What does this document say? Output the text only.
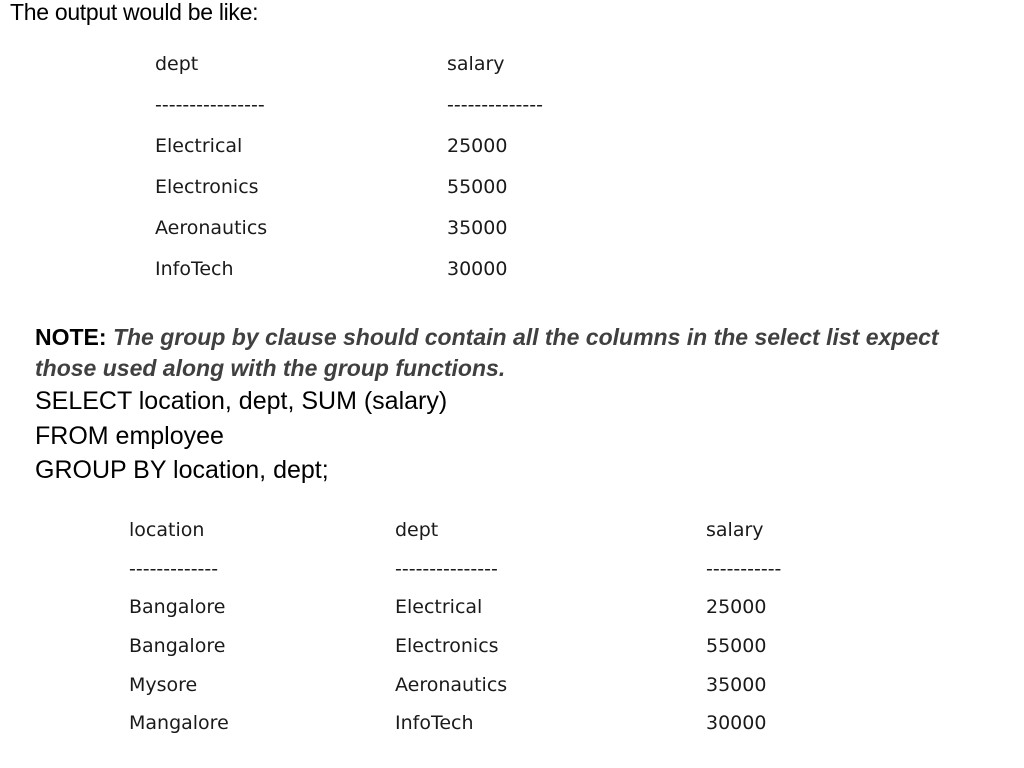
The output would be like:

dept	salary
----------------	--------------
Electrical	25000
Electronics	55000
Aeronautics	35000
InfoTech	30000

NOTE: The group by clause should contain all the columns in the select list expect those used along with the group functions.

SELECT location, dept, SUM (salary)
FROM employee
GROUP BY location, dept;
location	dept	salary
-------------	---------------	-----------
Bangalore	Electrical	25000
Bangalore	Electronics	55000
Mysore	Aeronautics	35000
Mangalore	InfoTech	30000
